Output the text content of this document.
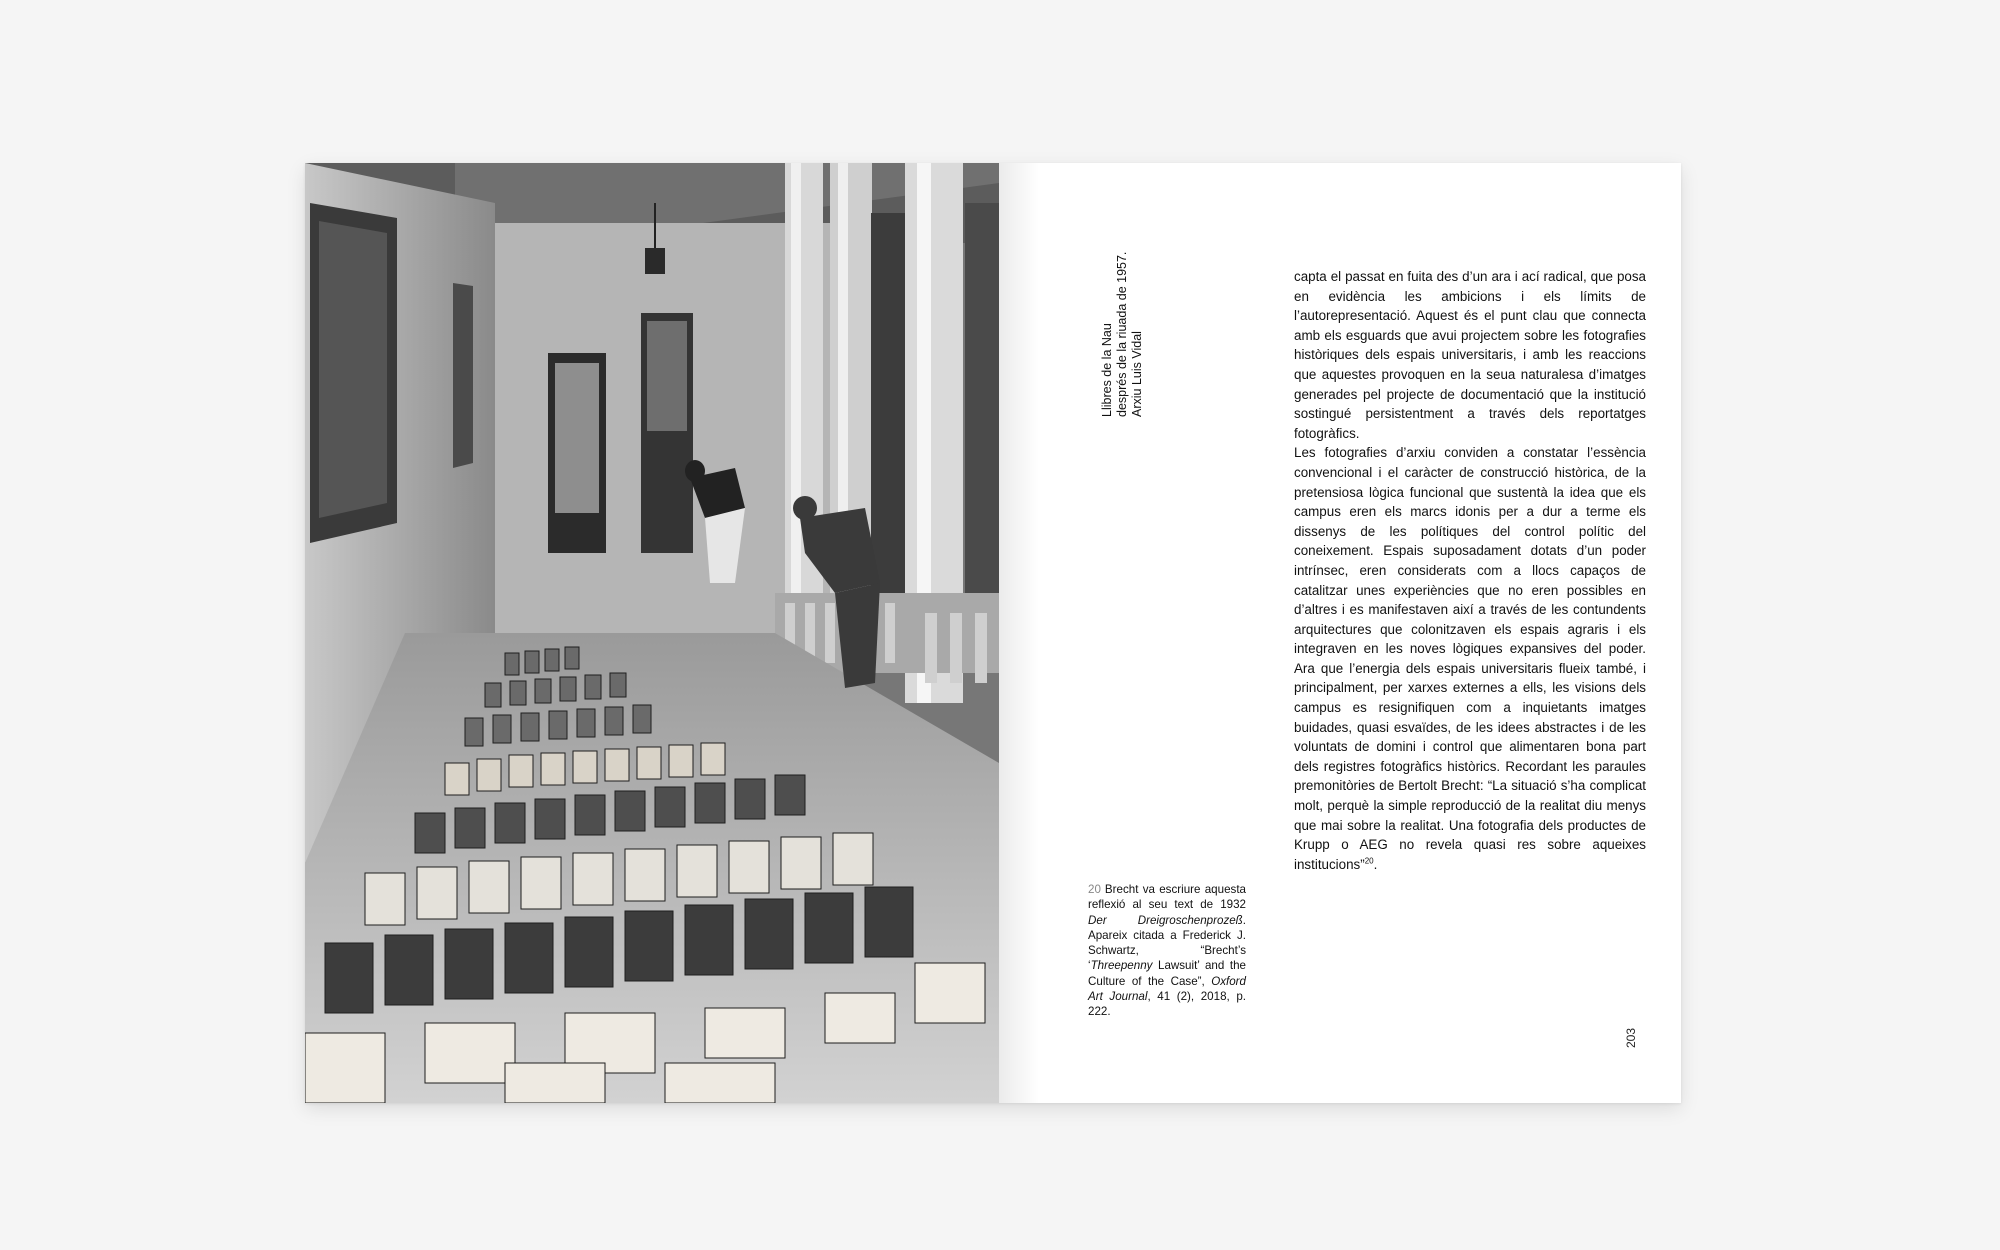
Llibres de la Nau després de la riuada de 1957. Arxiu Luis Vidal

capta el passat en fuita des d’un ara i ací radical, que posa en evidència les ambicions i els límits de l’autorepresentació. Aquest és el punt clau que connecta amb els esguards que avui projectem sobre les fotografies històriques dels espais universitaris, i amb les reaccions que aquestes provoquen en la seua naturalesa d’imatges generades pel projecte de documentació que la institució sostingué persistentment a través dels reportatges fotogràfics.

Les fotografies d’arxiu conviden a constatar l’essència convencional i el caràcter de construcció històrica, de la pretensiosa lògica funcional que sustentà la idea que els campus eren els marcs idonis per a dur a terme els dissenys de les polítiques del control polític del coneixement. Espais suposadament dotats d’un poder intrínsec, eren considerats com a llocs capaços de catalitzar unes experiències que no eren possibles en d’altres i es manifestaven així a través de les contundents arquitectures que colonitzaven els espais agraris i els integraven en les noves lògiques expansives del poder. Ara que l’energia dels espais universitaris flueix també, i principalment, per xarxes externes a ells, les visions dels campus es resignifiquen com a inquietants imatges buidades, quasi esvaïdes, de les idees abstractes i de les voluntats de domini i control que alimentaren bona part dels registres fotogràfics històrics. Recordant les paraules premonitòries de Bertolt Brecht: “La situació s’ha complicat molt, perquè la simple reproducció de la realitat diu menys que mai sobre la realitat. Una fotografia dels productes de Krupp o AEG no revela quasi res sobre aqueixes institucions”$^{20}$.

20 Brecht va escriure aquesta reflexió al seu text de 1932 Der Dreigroschenprozeß. Apareix citada a Frederick J. Schwartz, “Brecht’s ‘Threepenny Lawsuit’ and the Culture of the Case”, Oxford Art Journal, 41 (2), 2018, p. 222.
203
